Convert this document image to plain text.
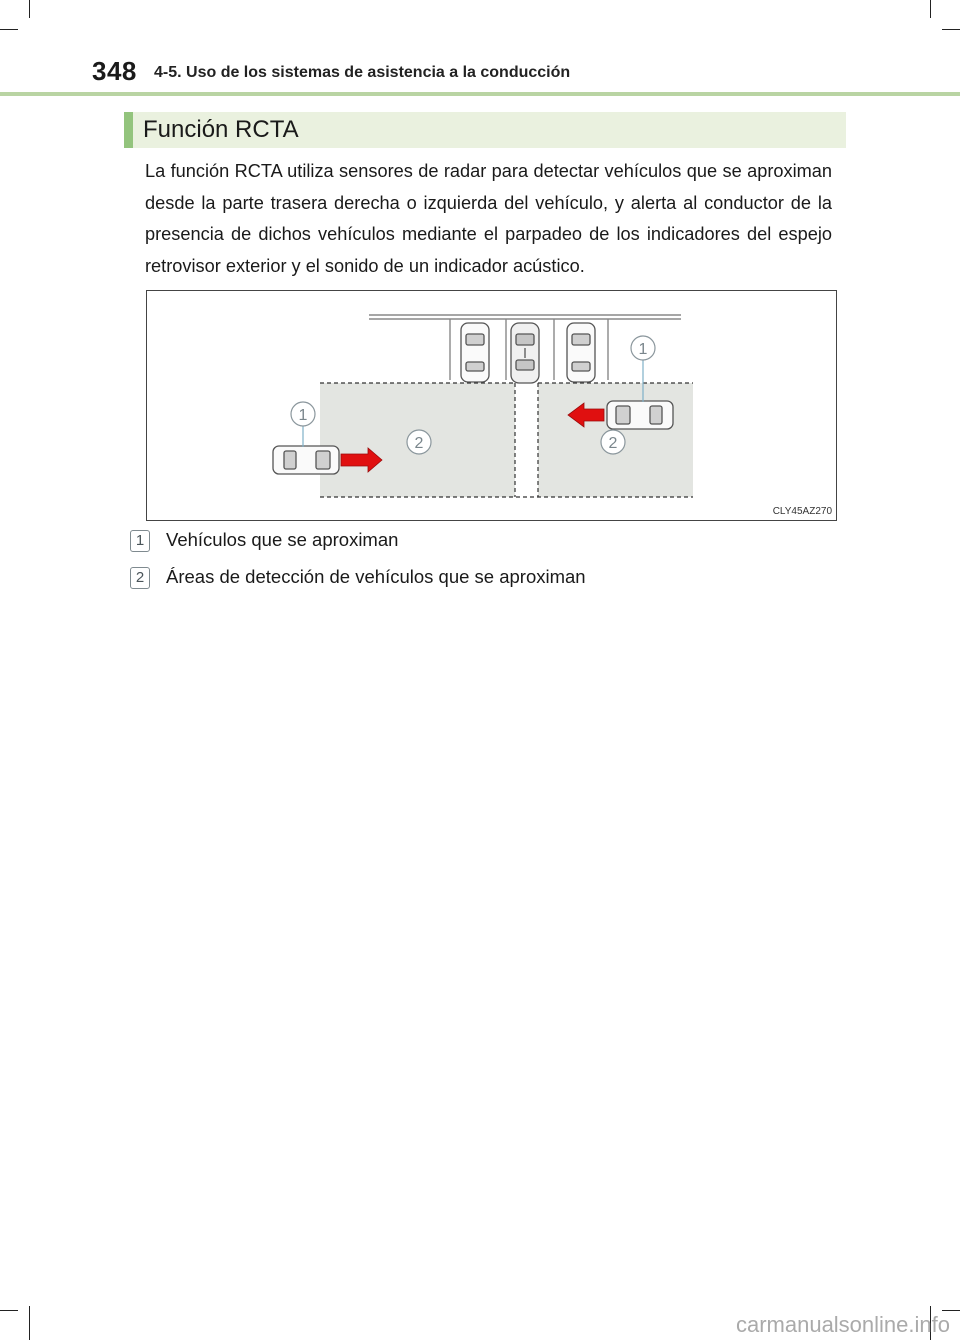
348 4-5. Uso de los sistemas de asistencia a la conducción
Función RCTA

La función RCTA utiliza sensores de radar para detectar vehículos que se aproximan desde la parte trasera derecha o izquierda del vehículo, y alerta al conductor de la presencia de dichos vehículos mediante el parpadeo de los indicadores del espejo retrovisor exterior y el sonido de un indicador acústico.

1
2	2
1
CLY45AZ270
1	Vehículos que se aproximan
2	Áreas de detección de vehículos que se aproximan
carmanualsonline.info
